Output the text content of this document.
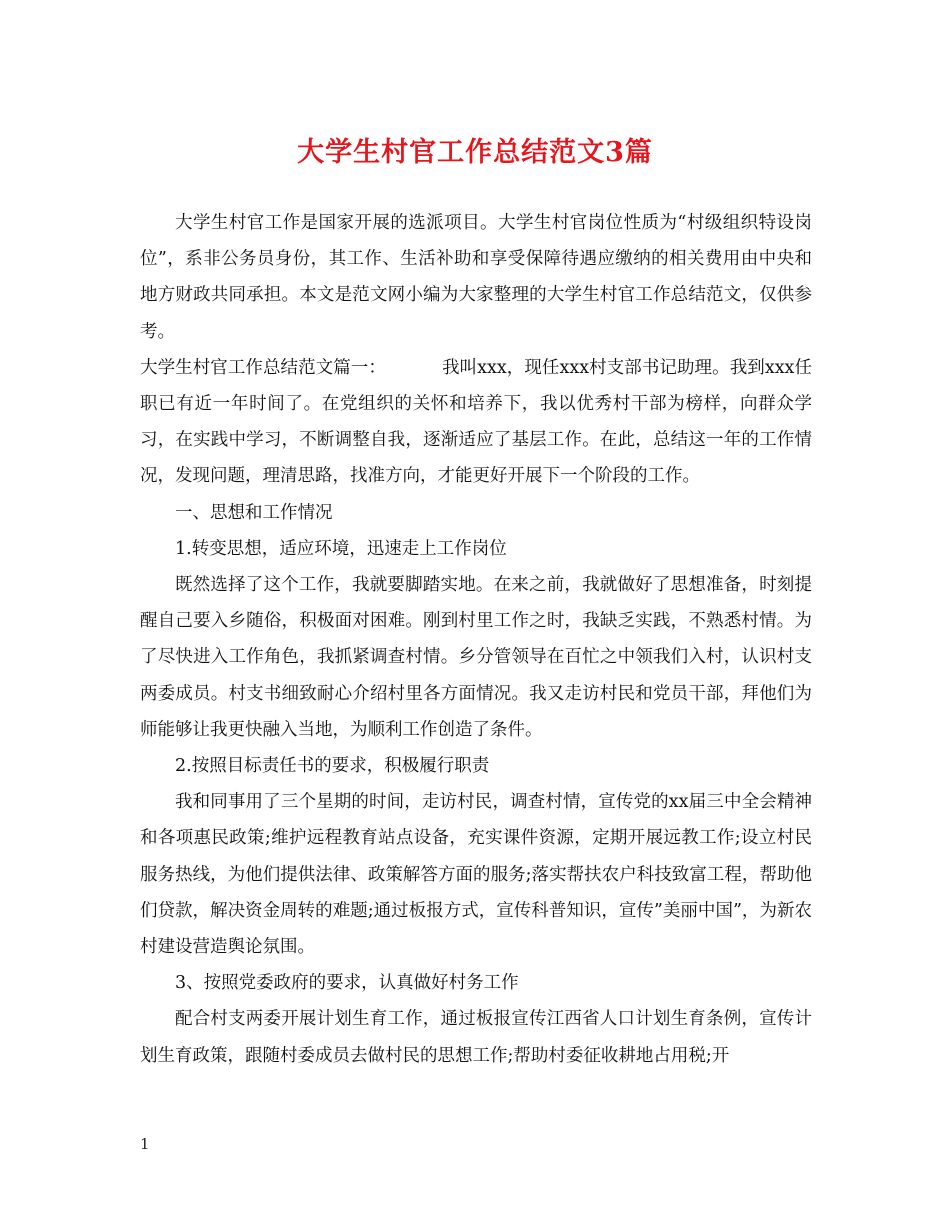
大学生村官工作总结范文3篇

大学生村官工作是国家开展的选派项目。大学生村官岗位性质为“村级组织特设岗位”，系非公务员身份，其工作、生活补助和享受保障待遇应缴纳的相关费用由中央和地方财政共同承担。本文是范文网小编为大家整理的大学生村官工作总结范文，仅供参考。

大学生村官工作总结范文篇一：	我叫xxx，现任xxx村支部书记助理。我到xxx任职已有近一年时间了。在党组织的关怀和培养下，我以优秀村干部为榜样，向群众学习，在实践中学习，不断调整自我，逐渐适应了基层工作。在此，总结这一年的工作情况，发现问题，理清思路，找准方向，才能更好开展下一个阶段的工作。

一、思想和工作情况

1.转变思想，适应环境，迅速走上工作岗位

既然选择了这个工作，我就要脚踏实地。在来之前，我就做好了思想准备，时刻提醒自己要入乡随俗，积极面对困难。刚到村里工作之时，我缺乏实践，不熟悉村情。为了尽快进入工作角色，我抓紧调查村情。乡分管领导在百忙之中领我们入村，认识村支两委成员。村支书细致耐心介绍村里各方面情况。我又走访村民和党员干部，拜他们为师能够让我更快融入当地，为顺利工作创造了条件。

2.按照目标责任书的要求，积极履行职责

我和同事用了三个星期的时间，走访村民，调查村情，宣传党的xx届三中全会精神和各项惠民政策;维护远程教育站点设备，充实课件资源，定期开展远教工作;设立村民服务热线，为他们提供法律、政策解答方面的服务;落实帮扶农户科技致富工程，帮助他们贷款，解决资金周转的难题;通过板报方式，宣传科普知识，宣传”美丽中国”，为新农村建设营造舆论氛围。

3、按照党委政府的要求，认真做好村务工作

配合村支两委开展计划生育工作，通过板报宣传江西省人口计划生育条例，宣传计划生育政策，跟随村委成员去做村民的思想工作;帮助村委征收耕地占用税;开

1
